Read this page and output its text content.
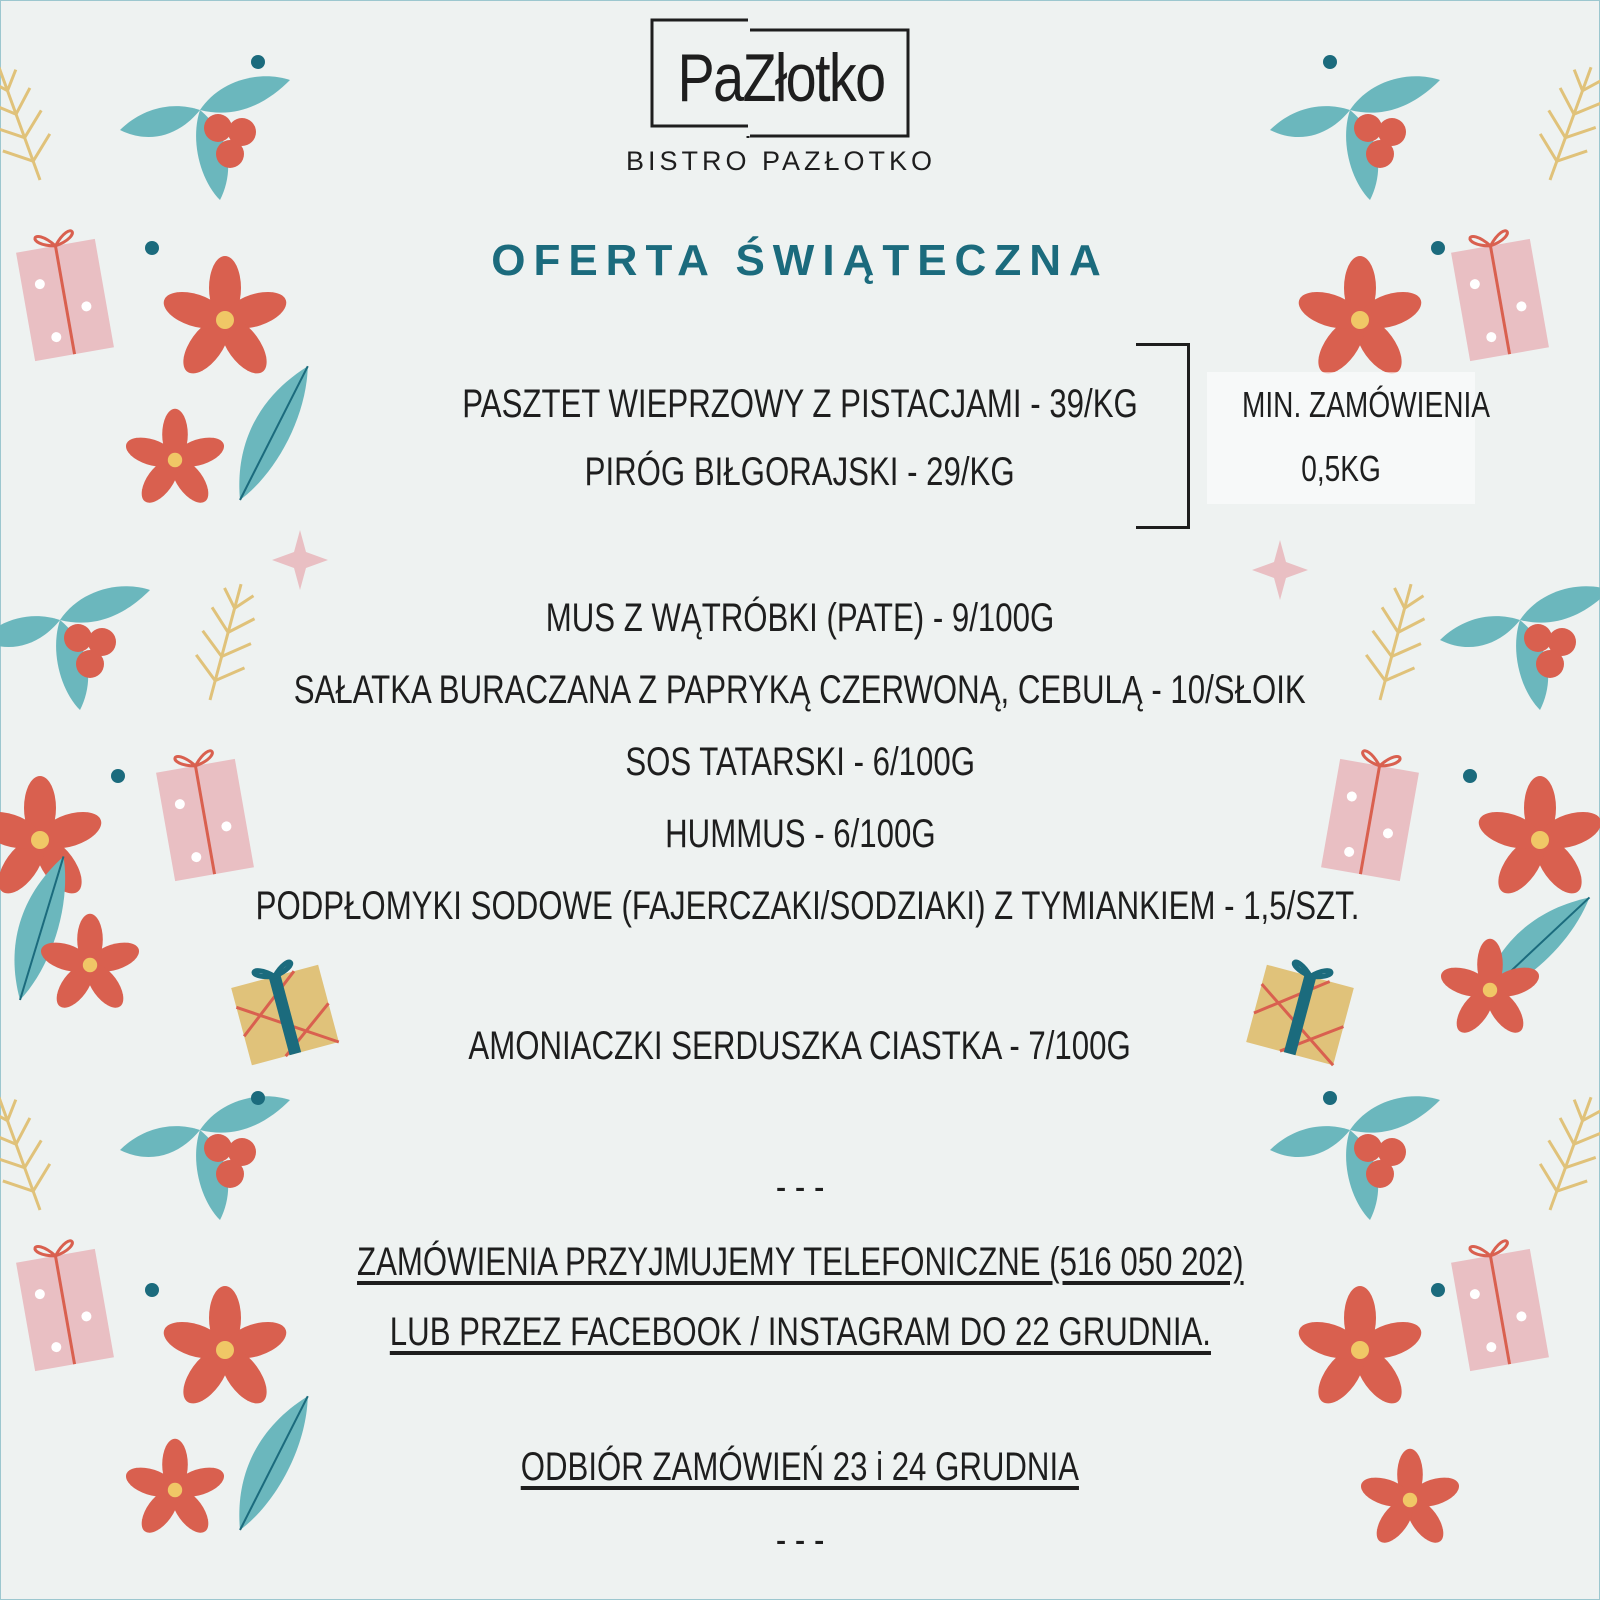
PaZłotko
BISTRO PAZŁOTKO
OFERTA ŚWIĄTECZNA
PASZTET WIEPRZOWY Z PISTACJAMI - 39/KG
PIRÓG BIŁGORAJSKI - 29/KG
MIN. ZAMÓWIENIA
0,5KG
MUS Z WĄTRÓBKI (PATE) - 9/100G
SAŁATKA BURACZANA Z PAPRYKĄ CZERWONĄ, CEBULĄ - 10/SŁOIK
SOS TATARSKI - 6/100G
HUMMUS - 6/100G
PODPŁOMYKI SODOWE (FAJERCZAKI/SODZIAKI) Z TYMIANKIEM - 1,5/SZT.
AMONIACZKI SERDUSZKA CIASTKA - 7/100G
- - -
ZAMÓWIENIA PRZYJMUJEMY TELEFONICZNE (516 050 202)
LUB PRZEZ FACEBOOK / INSTAGRAM DO 22 GRUDNIA.
ODBIÓR ZAMÓWIEŃ 23 i 24 GRUDNIA
- - -
